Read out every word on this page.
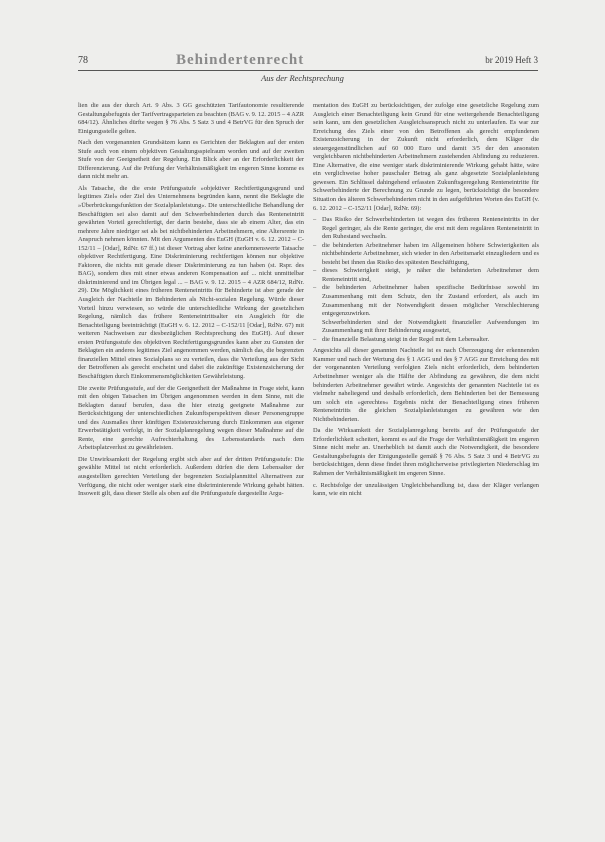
78	Behindertenrecht	br 2019 Heft 3
Aus der Rechtsprechung

lien die aus der durch Art. 9 Abs. 3 GG geschützten Tarifautonomie resultierende Gestaltungsbefugnis der Tarifvertragsparteien zu beachten (BAG v. 9. 12. 2015 – 4 AZR 684/12). Ähnliches dürfte wegen § 76 Abs. 5 Satz 3 und 4 BetrVG für den Spruch der Einigungsstelle gelten.

Nach den vorgenannten Grundsätzen kann es Gerichten der Beklagten auf der ersten Stufe auch von einem objektiven Gestaltungsspielraum worden und auf der zweiten Stufe von der Geeignetheit der Regelung. Ein Blick aber an der Erforderlichkeit der Differenzierung. Auf die Prüfung der Verhältnismäßigkeit im engeren Sinne komme es dann nicht mehr an.

Als Tatsache, die die erste Prüfungsstufe »objektiver Rechtfertigungsgrund und legitimes Ziel« oder Ziel des Unternehmens begründen kann, nennt die Beklagte die »Überbrückungsfunktion der Sozialplanleistung«. Die unterschiedliche Behandlung der Beschäftigten sei also damit auf den Schwerbehinderten durch das Renteneintritt gewährten Vorteil gerechtfertigt, der darin bestehe, dass sie ab einem Alter, das ein mehrere Jahre niedriger sei als bei nichtbehinderten Arbeitnehmern, eine Altersrente in Anspruch nehmen könnten. Mit den Argumenten des EuGH (EuGH v. 6. 12. 2012 – C-152/11 – [Odar], RdNr. 67 ff.) ist dieser Vortrag aber keine anerkennenswerte Tatsache objektiver Rechtfertigung. Eine Diskriminierung rechtfertigen können nur objektive Faktoren, die nichts mit gerade dieser Diskriminierung zu tun haben (st. Rspr. des BAG), sondern dies mit einer etwas anderen Kompensation auf ... nicht unmittelbar diskriminierend und im Übrigen legal ... – BAG v. 9. 12. 2015 – 4 AZR 684/12, RdNr. 29). Die Möglichkeit eines früheren Renteneintritts für Behinderte ist aber gerade der Ausgleich der Nachteile im Behinderten als Nicht-sozialen Regelung. Würde dieser Vorteil hinzu verwiesen, so würde die unterschiedliche Wirkung der gesetzlichen Regelung, nämlich das frühere Renteneintrittsalter ein Ausgleich für die Benachteiligung beeinträchtigt (EuGH v. 6. 12. 2012 – C-152/11 [Odar], RdNr. 67) mit weiteren Nachweisen zur diesbezüglichen Rechtsprechung des EuGH). Auf dieser ersten Prüfungsstufe des objektiven Rechtfertigungsgrundes kann aber zu Gunsten der Beklagten ein anderes legitimes Ziel angenommen werden, nämlich das, die begrenzten finanziellen Mittel eines Sozialplans so zu verteilen, dass die Verteilung aus der Sicht der Betroffenen als gerecht erscheint und dabei die zukünftige Existenzsicherung der Beschäftigten durch Einkommensmöglichkeiten Gewährleistung.

Die zweite Prüfungsstufe, auf der die Geeignetheit der Maßnahme in Frage steht, kann mit den obigen Tatsachen im Übrigen angenommen werden in dem Sinne, mit die Beklagten darauf berufen, dass die hier einzig geeignete Maßnahme zur Berücksichtigung der unterschiedlichen Zukunftsperspektiven dieser Personengruppe und des Ausmaßes ihrer künftigen Existenzsicherung durch Einkommen aus eigener Erwerbstätigkeit verfolgt, in der Sozialplanregelung wegen dieser Maßnahme auf die Rente, eine gerechte Aufrechterhaltung des Lebensstandards nach dem Arbeitsplatzverlust zu gewährleisten.

Die Unwirksamkeit der Regelung ergibt sich aber auf der dritten Prüfungsstufe: Die gewählte Mittel ist nicht erforderlich. Außerdem dürfen die dem Lebensalter der ausgestellten gerechten Verteilung der begrenzten Sozialplanmittel Alternativen zur Verfügung, die nicht oder weniger stark eine diskriminierende Wirkung gehabt hätten. Insoweit gilt, dass dieser Stelle als oben auf die Prüfungsstufe dargestellte Argu-

mentation des EuGH zu berücksichtigen, der zufolge eine gesetzliche Regelung zum Ausgleich einer Benachteiligung kein Grund für eine weitergehende Benachteiligung sein kann, um den gesetzlichen Ausgleichsanspruch nicht zu unterlaufen. Es war zur Erreichung des Ziels einer von den Betroffenen als gerecht empfundenen Existenzsicherung in der Zukunft nicht erforderlich, dem Kläger die steuergegenstündlichen auf 60 000 Euro und damit 3/5 der den ansonsten vergleichbaren nichtbehinderten Arbeitnehmern zustehenden Abfindung zu reduzieren. Eine Alternative, die eine weniger stark diskriminierende Wirkung gehabt hätte, wäre ein verglichweise hoher pauschaler Betrag als ganz abgesetzte Sozialplanleistung gewesen. Ein Schlüssel dahingehend erfassten Zukunftsgeregelung Renteneintritte für Schwerbehinderte der Berechnung zu Grunde zu legen, berücksichtigt die besondere Situation des älteren Schwerbehinderten nicht in den aufgeführten Worten des EuGH (v. 6. 12. 2012 – C-152/11 [Odar], RdNr. 69):

– Das Risiko der Schwerbehinderten ist wegen des früheren Renteneintritts in der Regel geringer, als die Rente geringer, die erst mit dem regulären Renteneintritt in den Ruhestand wechseln.
– die behinderten Arbeitnehmer haben im Allgemeinen höhere Schwierigkeiten als nichtbehinderte Arbeitnehmer, sich wieder in den Arbeitsmarkt einzugliedern und es besteht bei ihnen das Risiko des spätesten Beschäftigung,
– dieses Schwierigkeit steigt, je näher die behinderten Arbeitnehmer dem Renteneintritt sind,
– die behinderten Arbeitnehmer haben spezifische Bedürfnisse sowohl im Zusammenhang mit dem Schutz, den ihr Zustand erfordert, als auch im Zusammenhang mit der Notwendigkeit dessen möglicher Verschlechterung entgegenzuwirken.
Schwerbehinderten sind der Notwendigkeit finanzieller Aufwendungen im Zusammenhang mit ihrer Behinderung ausgesetzt,
– die finanzielle Belastung steigt in der Regel mit dem Lebensalter.

Angesichts all dieser genannten Nachteile ist es nach Überzeugung der erkennenden Kammer und nach der Wertung des § 1 AGG und des § 7 AGG zur Erreichung des mit der vorgenannten Verteilung verfolgten Ziels nicht erforderlich, dem behinderten Arbeitnehmer weniger als die Hälfte der Abfindung zu gewähren, die dem nicht behinderten Arbeitnehmer gewährt würde. Angesichts der genannten Nachteile ist es vielmehr naheliegend und deshalb erforderlich, dem Behinderten bei der Bemessung um solch ein »gerechtes« Ergebnis nicht der Benachteiligung eines früheren Renteneintritts die gleichen Sozialplanleistungen zu gewähren wie den Nichtbehinderten.

Da die Wirksamkeit der Sozialplanregelung bereits auf der Prüfungsstufe der Erforderlichkeit scheitert, kommt es auf die Frage der Verhältnismäßigkeit im engeren Sinne nicht mehr an. Unerheblich ist damit auch die Notwendigkeit, die besondere Gestaltungsbefugnis der Einigungsstelle gemäß § 76 Abs. 5 Satz 3 und 4 BetrVG zu berücksichtigen, denn diese findet ihren möglicherweise privilegierten Niederschlag im Rahmen der Verhältnismäßigkeit im engeren Sinne.

c. Rechtsfolge der unzulässigen Ungleichbehandlung ist, dass der Kläger verlangen kann, wie ein nicht
